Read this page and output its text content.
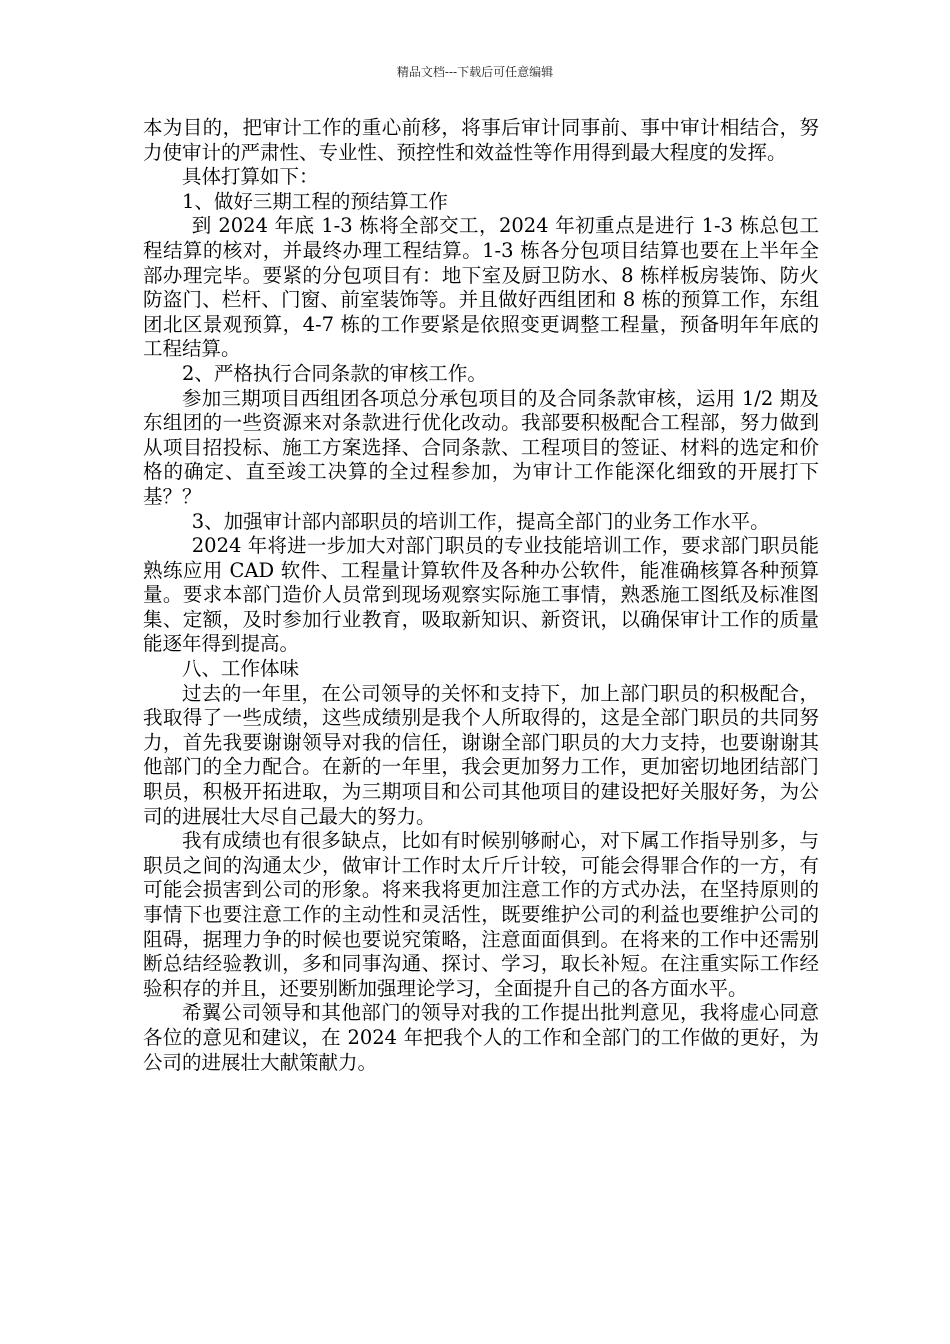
精品文档---下载后可任意编辑

本为目的，把审计工作的重心前移，将事后审计同事前、事中审计相结合，努力使审计的严肃性、专业性、预控性和效益性等作用得到最大程度的发挥。

具体打算如下：

1、做好三期工程的预结算工作

到 2024 年底 1-3 栋将全部交工，2024 年初重点是进行 1-3 栋总包工程结算的核对，并最终办理工程结算。1-3 栋各分包项目结算也要在上半年全部办理完毕。要紧的分包项目有：地下室及厨卫防水、8 栋样板房装饰、防火防盗门、栏杆、门窗、前室装饰等。并且做好西组团和 8 栋的预算工作，东组团北区景观预算，4-7 栋的工作要紧是依照变更调整工程量，预备明年年底的工程结算。

2、严格执行合同条款的审核工作。

参加三期项目西组团各项总分承包项目的及合同条款审核，运用 1/2 期及东组团的一些资源来对条款进行优化改动。我部要积极配合工程部，努力做到从项目招投标、施工方案选择、合同条款、工程项目的签证、材料的选定和价格的确定、直至竣工决算的全过程参加，为审计工作能深化细致的开展打下基？？

3、加强审计部内部职员的培训工作，提高全部门的业务工作水平。

2024 年将进一步加大对部门职员的专业技能培训工作，要求部门职员能熟练应用 CAD 软件、工程量计算软件及各种办公软件，能准确核算各种预算量。要求本部门造价人员常到现场观察实际施工事情，熟悉施工图纸及标准图集、定额，及时参加行业教育，吸取新知识、新资讯，以确保审计工作的质量能逐年得到提高。

八、工作体味

过去的一年里，在公司领导的关怀和支持下，加上部门职员的积极配合，我取得了一些成绩，这些成绩别是我个人所取得的，这是全部门职员的共同努力，首先我要谢谢领导对我的信任，谢谢全部门职员的大力支持，也要谢谢其他部门的全力配合。在新的一年里，我会更加努力工作，更加密切地团结部门职员，积极开拓进取，为三期项目和公司其他项目的建设把好关服好务，为公司的进展壮大尽自己最大的努力。

我有成绩也有很多缺点，比如有时候别够耐心，对下属工作指导别多，与职员之间的沟通太少，做审计工作时太斤斤计较，可能会得罪合作的一方，有可能会损害到公司的形象。将来我将更加注意工作的方式办法，在坚持原则的事情下也要注意工作的主动性和灵活性，既要维护公司的利益也要维护公司的阻碍，据理力争的时候也要说究策略，注意面面俱到。在将来的工作中还需别断总结经验教训，多和同事沟通、探讨、学习，取长补短。在注重实际工作经验积存的并且，还要别断加强理论学习，全面提升自己的各方面水平。

希翼公司领导和其他部门的领导对我的工作提出批判意见，我将虚心同意各位的意见和建议，在 2024 年把我个人的工作和全部门的工作做的更好，为公司的进展壮大献策献力。
